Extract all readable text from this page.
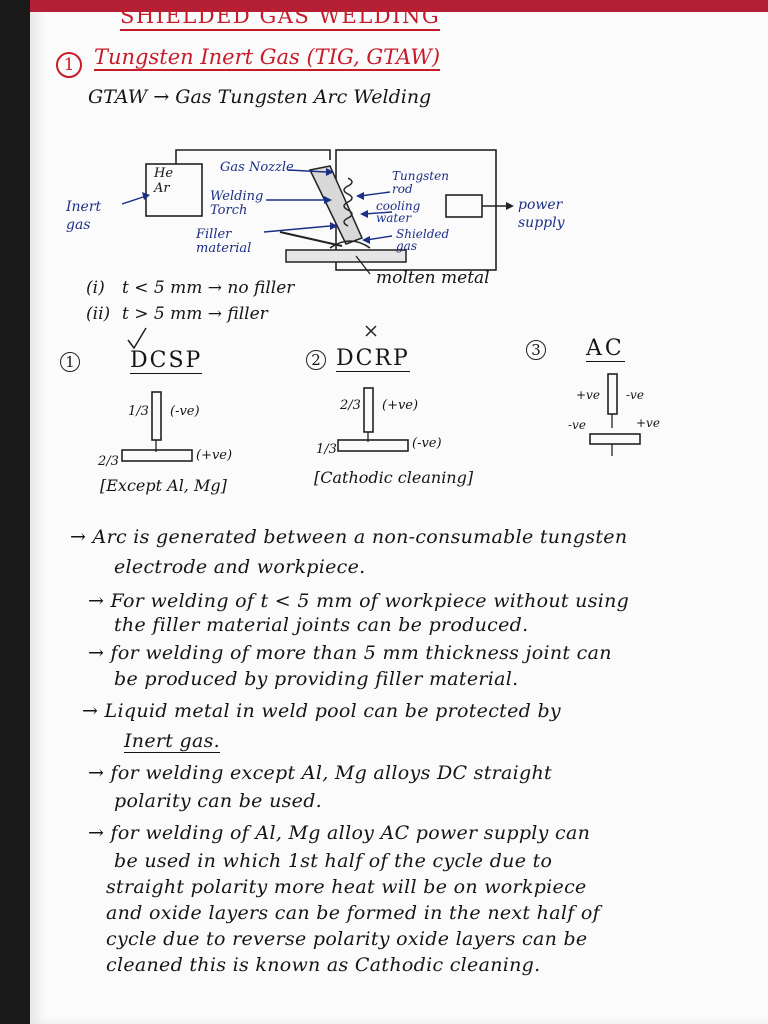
SHIELDED GAS WELDING
1 Tungsten Inert Gas (TIG, GTAW)
GTAW → Gas Tungsten Arc Welding
He
Ar
Inert gas
Gas Nozzle
Welding Torch
Filler material
Tungsten rod
cooling water
Shielded gas
power supply
molten metal
(i) t < 5 mm → no filler
(ii) t > 5 mm → filler
1	DCSP
1/3 (-ve)
2/3	(+ve)
[Except Al, Mg]
2 DCRP
2/3 (+ve)
1/3	(-ve)
[Cathodic cleaning]
3 AC
+ve -ve
-ve	+ve
→ Arc is generated between a non-consumable tungsten
electrode and workpiece.
→ For welding of t < 5 mm of workpiece without using
the filler material joints can be produced.
→ for welding of more than 5 mm thickness joint can
be produced by providing filler material.
→ Liquid metal in weld pool can be protected by
Inert gas.
→ for welding except Al, Mg alloys DC straight
polarity can be used.
→ for welding of Al, Mg alloy AC power supply can
be used in which 1st half of the cycle due to
straight polarity more heat will be on workpiece
and oxide layers can be formed in the next half of
cycle due to reverse polarity oxide layers can be
cleaned this is known as Cathodic cleaning.
